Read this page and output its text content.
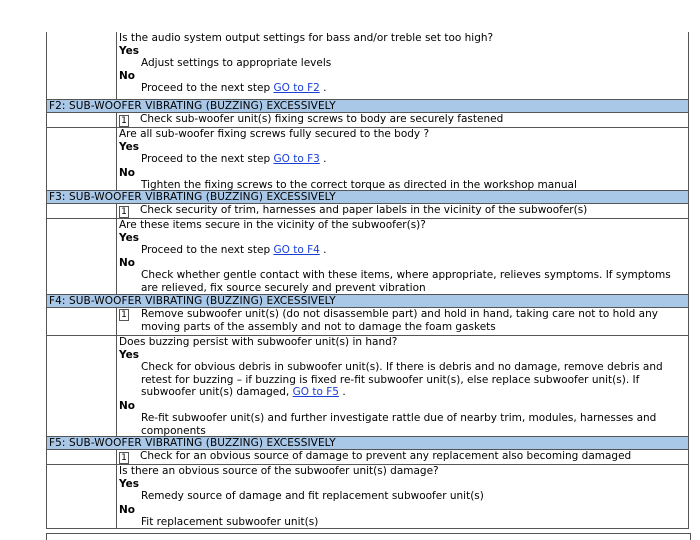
Is the audio system output settings for bass and/or treble set too high?
Yes
Adjust settings to appropriate levels
No
Proceed to the next step GO to F2 .
F2: SUB-WOOFER VIBRATING (BUZZING) EXCESSIVELY
1 Check sub-woofer unit(s) fixing screws to body are securely fastened
Are all sub-woofer fixing screws fully secured to the body ?
Yes
Proceed to the next step GO to F3 .
No
Tighten the fixing screws to the correct torque as directed in the workshop manual
F3: SUB-WOOFER VIBRATING (BUZZING) EXCESSIVELY
1 Check security of trim, harnesses and paper labels in the vicinity of the subwoofer(s)
Are these items secure in the vicinity of the subwoofer(s)?
Yes
Proceed to the next step GO to F4 .
No
Check whether gentle contact with these items, where appropriate, relieves symptoms. If symptoms are relieved, fix source securely and prevent vibration
F4: SUB-WOOFER VIBRATING (BUZZING) EXCESSIVELY
1	Remove subwoofer unit(s) (do not disassemble part) and hold in hand, taking care not to hold any moving parts of the assembly and not to damage the foam gaskets
Does buzzing persist with subwoofer unit(s) in hand?
Yes
Check for obvious debris in subwoofer unit(s). If there is debris and no damage, remove debris and retest for buzzing – if buzzing is fixed re-fit subwoofer unit(s), else replace subwoofer unit(s). If subwoofer unit(s) damaged, GO to F5 .
No
Re-fit subwoofer unit(s) and further investigate rattle due of nearby trim, modules, harnesses and components
F5: SUB-WOOFER VIBRATING (BUZZING) EXCESSIVELY
1 Check for an obvious source of damage to prevent any replacement also becoming damaged
Is there an obvious source of the subwoofer unit(s) damage?
Yes
Remedy source of damage and fit replacement subwoofer unit(s)
No
Fit replacement subwoofer unit(s)
